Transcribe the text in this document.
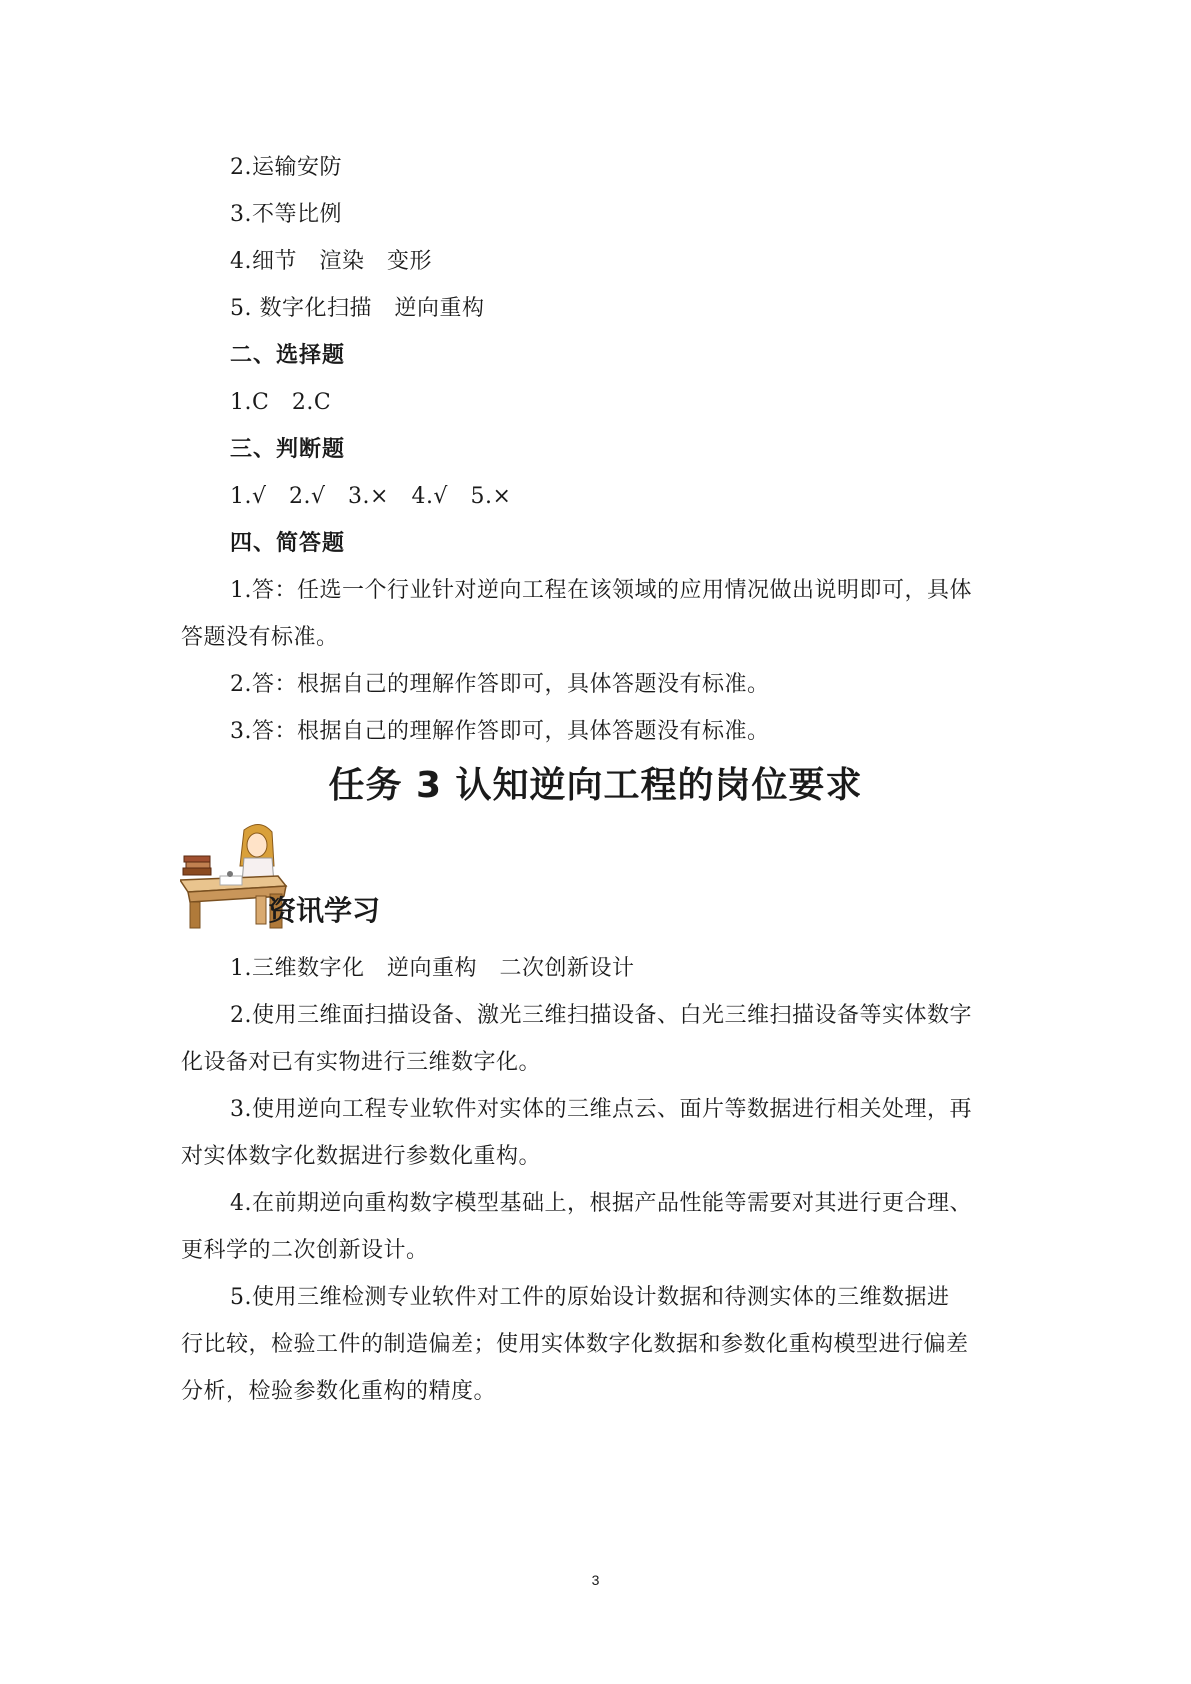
2.运输安防
3.不等比例
4.细节　渲染　变形
5. 数字化扫描　逆向重构
二、选择题
1.C　2.C
三、判断题
1.√　2.√　3.×　4.√　5.×
四、简答题
1.答：任选一个行业针对逆向工程在该领域的应用情况做出说明即可，具体
答题没有标准。
2.答：根据自己的理解作答即可，具体答题没有标准。
3.答：根据自己的理解作答即可，具体答题没有标准。
任务 3 认知逆向工程的岗位要求
资讯学习
1.三维数字化　逆向重构　二次创新设计
2.使用三维面扫描设备、激光三维扫描设备、白光三维扫描设备等实体数字
化设备对已有实物进行三维数字化。
3.使用逆向工程专业软件对实体的三维点云、面片等数据进行相关处理，再
对实体数字化数据进行参数化重构。
4.在前期逆向重构数字模型基础上，根据产品性能等需要对其进行更合理、
更科学的二次创新设计。
5.使用三维检测专业软件对工件的原始设计数据和待测实体的三维数据进
行比较，检验工件的制造偏差；使用实体数字化数据和参数化重构模型进行偏差
分析，检验参数化重构的精度。
3
